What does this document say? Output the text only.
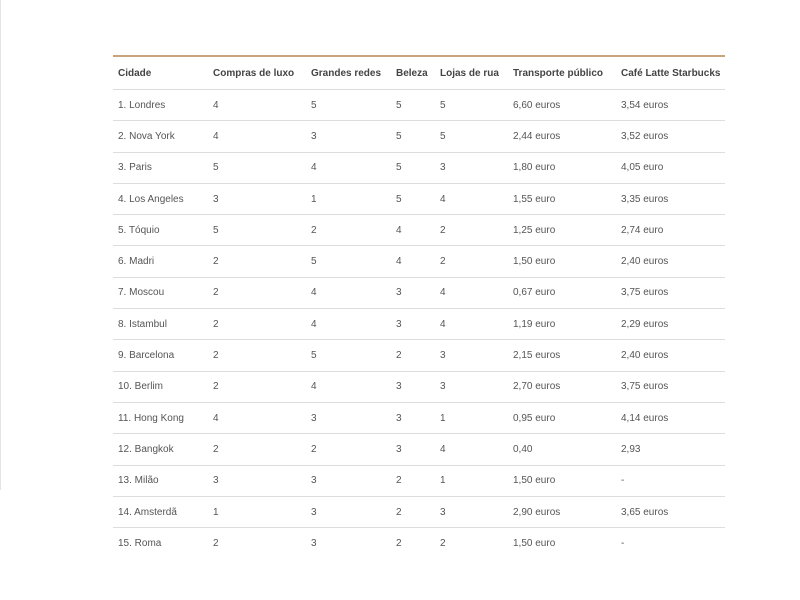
Cidade	Compras de luxo	Grandes redes	Beleza	Lojas de rua	Transporte público	Café Latte Starbucks
1. Londres	4	5	5	5	6,60 euros	3,54 euros
2. Nova York	4	3	5	5	2,44 euros	3,52 euros
3. Paris	5	4	5	3	1,80 euro	4,05 euro
4. Los Angeles	3	1	5	4	1,55 euro	3,35 euros
5. Tóquio	5	2	4	2	1,25 euro	2,74 euro
6. Madri	2	5	4	2	1,50 euro	2,40 euros
7. Moscou	2	4	3	4	0,67 euro	3,75 euros
8. Istambul	2	4	3	4	1,19 euro	2,29 euros
9. Barcelona	2	5	2	3	2,15 euros	2,40 euros
10. Berlim	2	4	3	3	2,70 euros	3,75 euros
11. Hong Kong	4	3	3	1	0,95 euro	4,14 euros
12. Bangkok	2	2	3	4	0,40	2,93
13. Milão	3	3	2	1	1,50 euro	-
14. Amsterdã	1	3	2	3	2,90 euros	3,65 euros
15. Roma	2	3	2	2	1,50 euro	-
